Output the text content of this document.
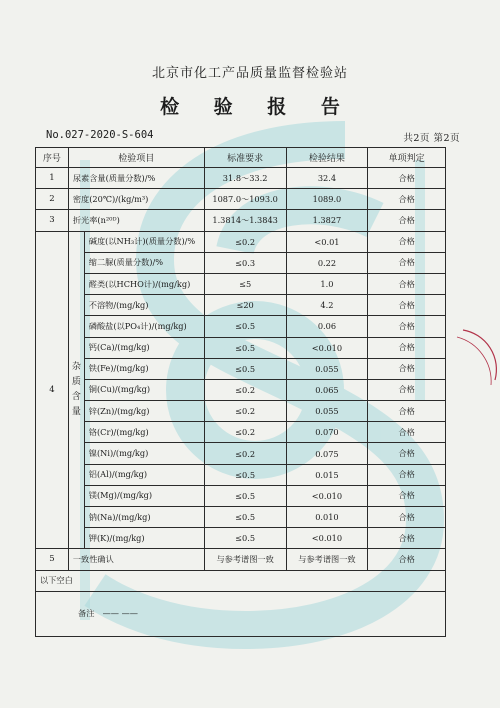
北京市化工产品质量监督检验站
检 验 报 告
No.027-2020-S-604	共2页 第2页
序号	检验项目		标准要求	检验结果	单项判定
1	尿素含量(质量分数)/%		31.8～33.2	32.4	合格
2	密度(20℃)/(kg/m³)		1087.0～1093.0	1089.0	合格
3	折光率(n²⁰ᴰ)		1.3814～1.3843	1.3827	合格
4	杂质含量	碱度(以NH₃计)(质量分数)/%	≤0.2	<0.01	合格
		缩二脲(质量分数)/%	≤0.3	0.22	合格
		醛类(以HCHO计)/(mg/kg)	≤5	1.0	合格
		不溶物/(mg/kg)	≤20	4.2	合格
		磷酸盐(以PO₄计)/(mg/kg)	≤0.5	0.06	合格
		钙(Ca)/(mg/kg)	≤0.5	<0.010	合格
		铁(Fe)/(mg/kg)	≤0.5	0.055	合格
		铜(Cu)/(mg/kg)	≤0.2	0.065	合格
		锌(Zn)/(mg/kg)	≤0.2	0.055	合格
		铬(Cr)/(mg/kg)	≤0.2	0.070	合格
		镍(Ni)/(mg/kg)	≤0.2	0.075	合格
		铝(Al)/(mg/kg)	≤0.5	0.015	合格
		镁(Mg)/(mg/kg)	≤0.5	<0.010	合格
		钠(Na)/(mg/kg)	≤0.5	0.010	合格
		钾(K)/(mg/kg)	≤0.5	<0.010	合格
5	一致性确认		与参考谱图一致	与参考谱图一致	合格
以下空白					
备注 —— ——					
